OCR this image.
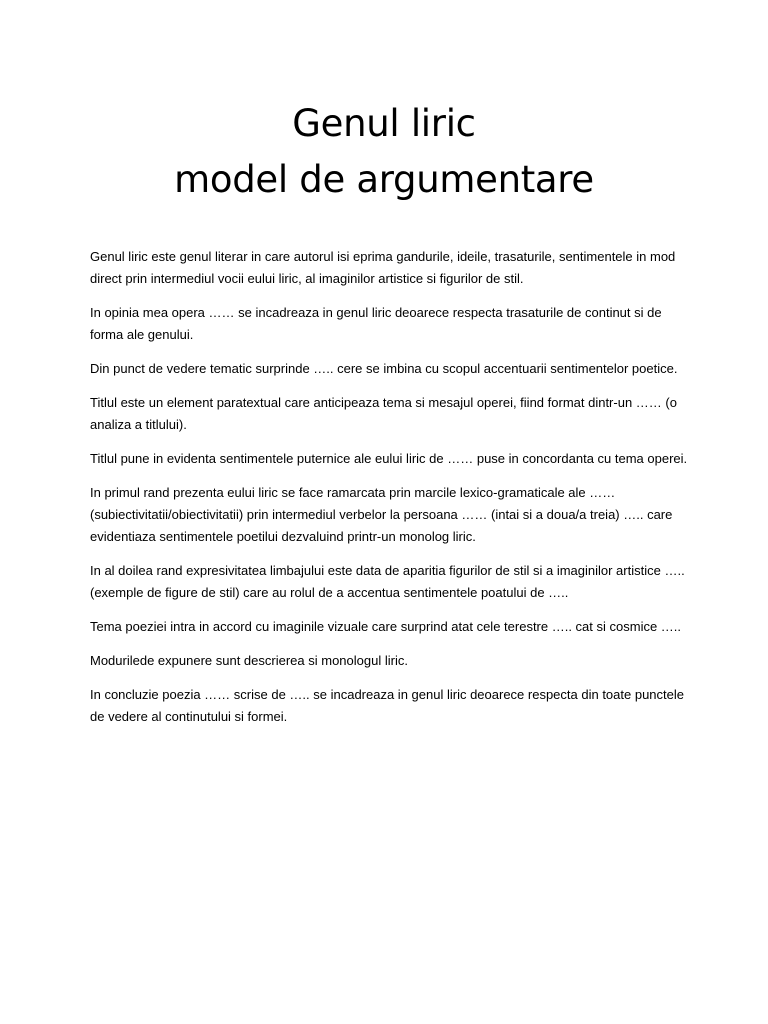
Genul liric
model de argumentare

Genul liric este genul literar in care autorul isi eprima gandurile, ideile, trasaturile, sentimentele in mod direct prin intermediul vocii eului liric, al imaginilor artistice si figurilor de stil.

In opinia mea opera …… se incadreaza in genul liric deoarece respecta trasaturile de continut si de forma ale genului.

Din punct de vedere tematic surprinde ….. cere se imbina cu scopul accentuarii sentimentelor poetice.

Titlul este un element paratextual care anticipeaza tema si mesajul operei, fiind format dintr-un …… (o analiza a titlului).

Titlul pune in evidenta sentimentele puternice ale eului liric de …… puse in concordanta cu tema operei.

In primul rand prezenta eului liric se face ramarcata prin marcile lexico-gramaticale ale …… (subiectivitatii/obiectivitatii) prin intermediul verbelor la persoana …… (intai si a doua/a treia) ….. care evidentiaza sentimentele poetilui dezvaluind printr-un monolog liric.

In al doilea rand expresivitatea limbajului este data de aparitia figurilor de stil si a imaginilor artistice ….. (exemple de figure de stil) care au rolul de a accentua sentimentele poatului de …..

Tema poeziei intra in accord cu imaginile vizuale care surprind atat cele terestre ….. cat si cosmice …..

Modurilede expunere sunt descrierea si monologul liric.

In concluzie poezia …… scrise de ….. se incadreaza in genul liric deoarece respecta din toate punctele de vedere al continutului si formei.
